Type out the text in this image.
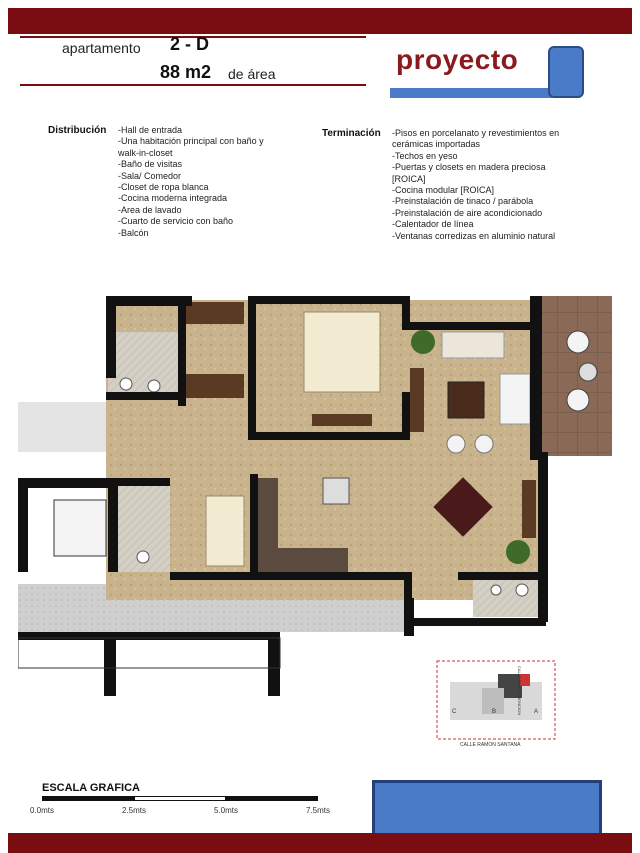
apartamento 2 - D
88 m2 de área	proyecto
Distribución -Hall de entrada
-Una habitación principal con baño y
walk-in-closet
-Baño de visitas
-Sala/ Comedor
-Closet de ropa blanca
-Cocina moderna integrada
-Area de lavado
-Cuarto de servicio con baño
-Balcón
Terminación -Pisos en porcelanato y revestimientos en
cerámicas importadas
-Techos en yeso
-Puertas y closets en madera preciosa
[ROICA]
-Cocina modular [ROICA]
-Preinstalación de tinaco / parábola
-Preinstalación de aire acondicionado
-Calentador de línea
-Ventanas corredizas en aluminio natural
C	B	A
CALLE RAMON SANTANA
CALLE BENITO MONCION
ESCALA GRAFICA
0.0mts	2.5mts	5.0mts	7.5mts
